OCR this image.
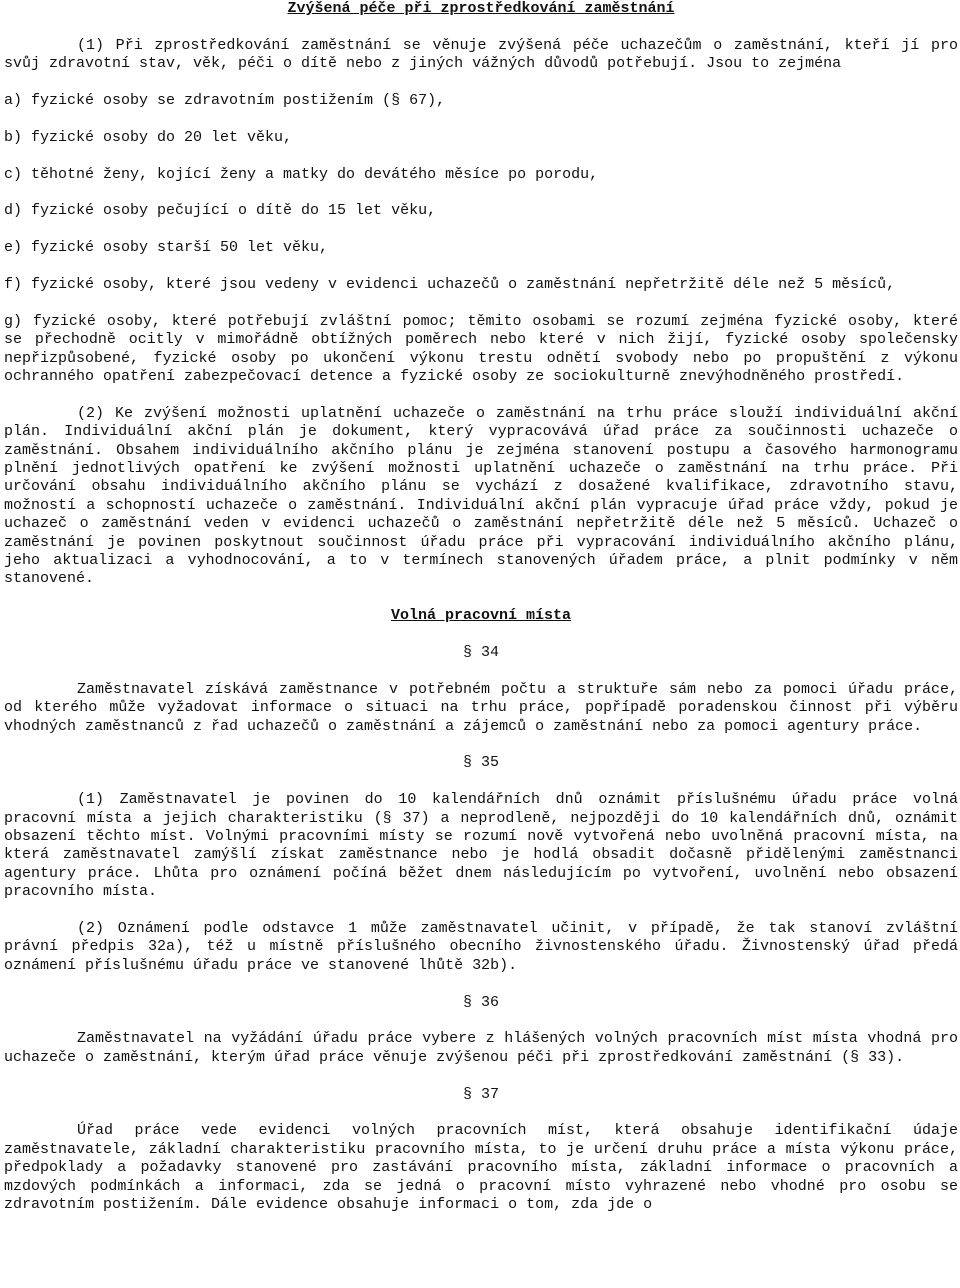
Zvýšená péče při zprostředkování zaměstnání

(1) Při zprostředkování zaměstnání se věnuje zvýšená péče uchazečům o zaměstnání, kteří jí pro svůj zdravotní stav, věk, péči o dítě nebo z jiných vážných důvodů potřebují. Jsou to zejména

a) fyzické osoby se zdravotním postižením (§ 67),

b) fyzické osoby do 20 let věku,

c) těhotné ženy, kojící ženy a matky do devátého měsíce po porodu,

d) fyzické osoby pečující o dítě do 15 let věku,

e) fyzické osoby starší 50 let věku,

f) fyzické osoby, které jsou vedeny v evidenci uchazečů o zaměstnání nepřetržitě déle než 5 měsíců,

g) fyzické osoby, které potřebují zvláštní pomoc; těmito osobami se rozumí zejména fyzické osoby, které se přechodně ocitly v mimořádně obtížných poměrech nebo které v nich žijí, fyzické osoby společensky nepřizpůsobené, fyzické osoby po ukončení výkonu trestu odnětí svobody nebo po propuštění z výkonu ochranného opatření zabezpečovací detence a fyzické osoby ze sociokulturně znevýhodněného prostředí.

(2) Ke zvýšení možnosti uplatnění uchazeče o zaměstnání na trhu práce slouží individuální akční plán. Individuální akční plán je dokument, který vypracovává úřad práce za součinnosti uchazeče o zaměstnání. Obsahem individuálního akčního plánu je zejména stanovení postupu a časového harmonogramu plnění jednotlivých opatření ke zvýšení možnosti uplatnění uchazeče o zaměstnání na trhu práce. Při určování obsahu individuálního akčního plánu se vychází z dosažené kvalifikace, zdravotního stavu, možností a schopností uchazeče o zaměstnání. Individuální akční plán vypracuje úřad práce vždy, pokud je uchazeč o zaměstnání veden v evidenci uchazečů o zaměstnání nepřetržitě déle než 5 měsíců. Uchazeč o zaměstnání je povinen poskytnout součinnost úřadu práce při vypracování individuálního akčního plánu, jeho aktualizaci a vyhodnocování, a to v termínech stanovených úřadem práce, a plnit podmínky v něm stanovené.

Volná pracovní místa

§ 34

Zaměstnavatel získává zaměstnance v potřebném počtu a struktuře sám nebo za pomoci úřadu práce, od kterého může vyžadovat informace o situaci na trhu práce, popřípadě poradenskou činnost při výběru vhodných zaměstnanců z řad uchazečů o zaměstnání a zájemců o zaměstnání nebo za pomoci agentury práce.

§ 35

(1) Zaměstnavatel je povinen do 10 kalendářních dnů oznámit příslušnému úřadu práce volná pracovní místa a jejich charakteristiku (§ 37) a neprodleně, nejpozději do 10 kalendářních dnů, oznámit obsazení těchto míst. Volnými pracovními místy se rozumí nově vytvořená nebo uvolněná pracovní místa, na která zaměstnavatel zamýšlí získat zaměstnance nebo je hodlá obsadit dočasně přidělenými zaměstnanci agentury práce. Lhůta pro oznámení počíná běžet dnem následujícím po vytvoření, uvolnění nebo obsazení pracovního místa.

(2) Oznámení podle odstavce 1 může zaměstnavatel učinit, v případě, že tak stanoví zvláštní právní předpis 32a), též u místně příslušného obecního živnostenského úřadu. Živnostenský úřad předá oznámení příslušnému úřadu práce ve stanovené lhůtě 32b).

§ 36

Zaměstnavatel na vyžádání úřadu práce vybere z hlášených volných pracovních míst místa vhodná pro uchazeče o zaměstnání, kterým úřad práce věnuje zvýšenou péči při zprostředkování zaměstnání (§ 33).

§ 37

Úřad práce vede evidenci volných pracovních míst, která obsahuje identifikační údaje zaměstnavatele, základní charakteristiku pracovního místa, to je určení druhu práce a místa výkonu práce, předpoklady a požadavky stanovené pro zastávání pracovního místa, základní informace o pracovních a mzdových podmínkách a informaci, zda se jedná o pracovní místo vyhrazené nebo vhodné pro osobu se zdravotním postižením. Dále evidence obsahuje informaci o tom, zda jde o
